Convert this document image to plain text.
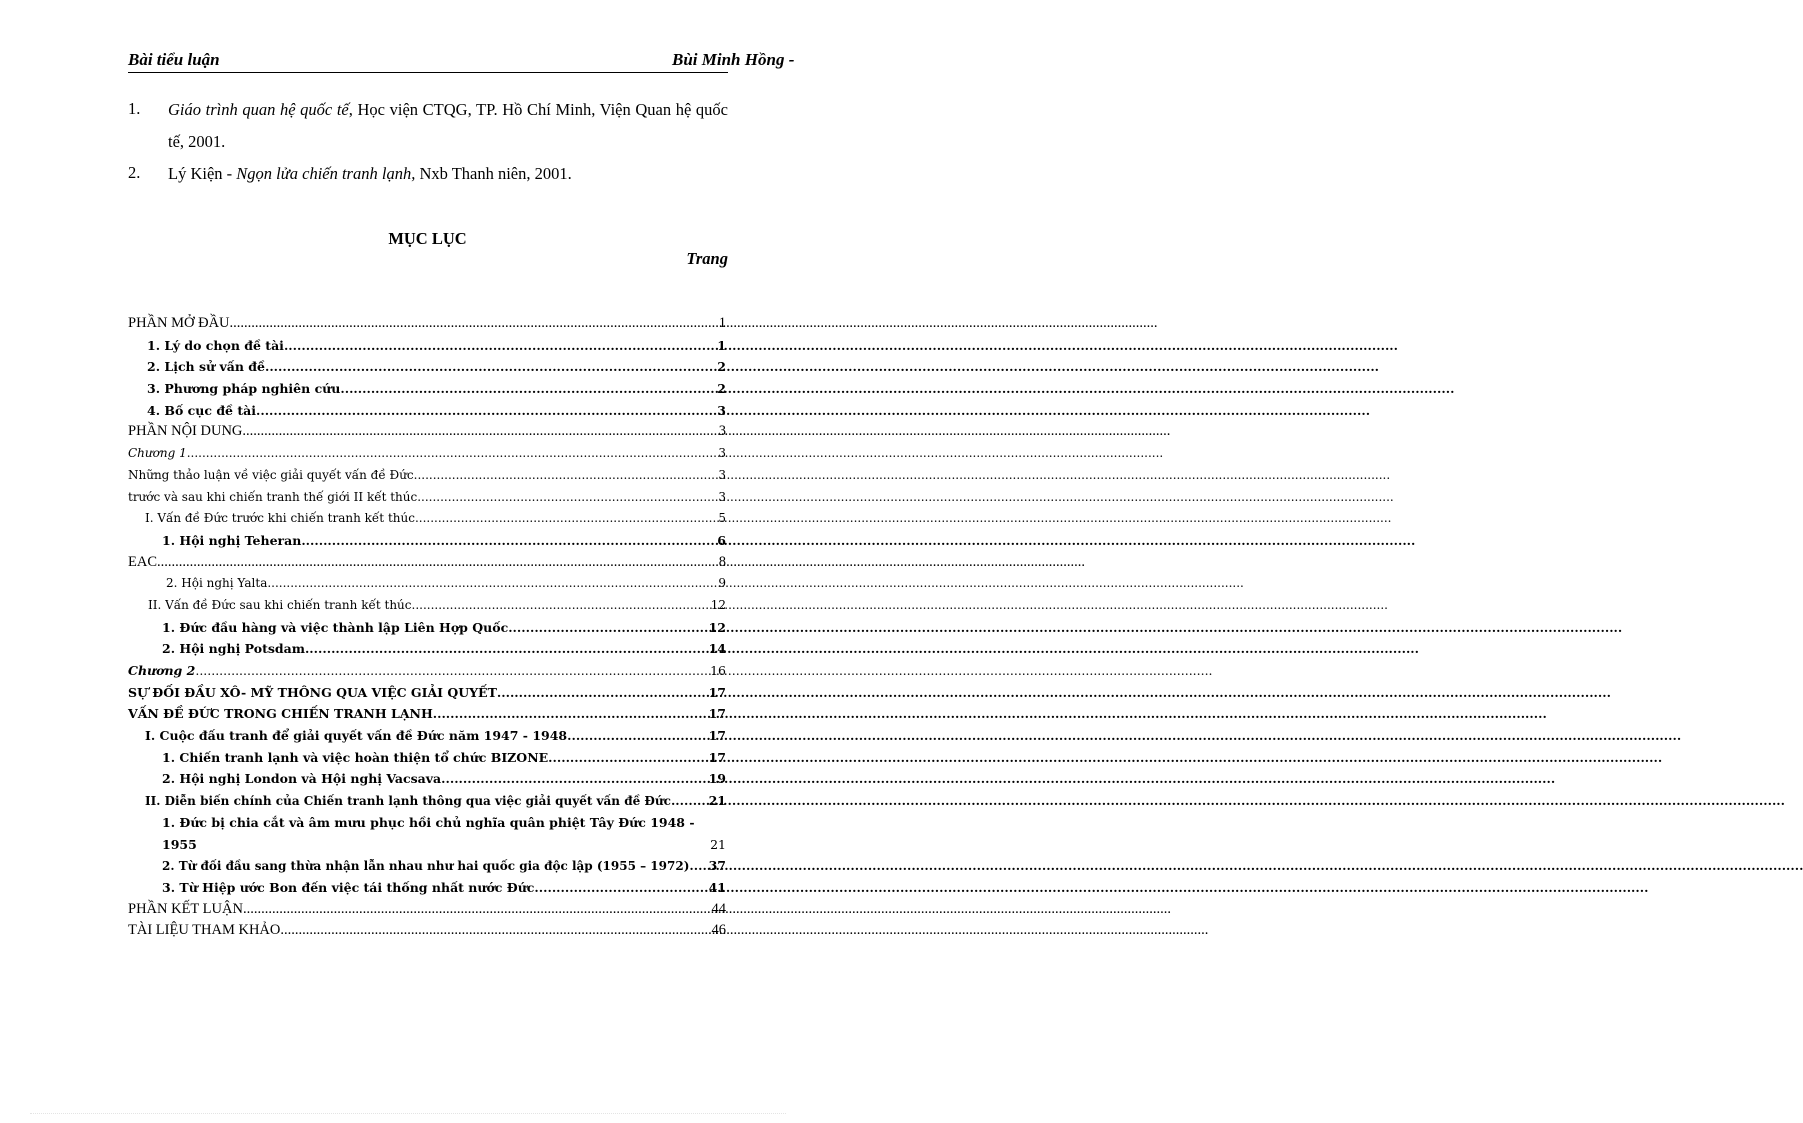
Bài tiểu luận	Bùi Minh Hồng -
1. Giáo trình quan hệ quốc tế, Học viện CTQG, TP. Hồ Chí Minh, Viện Quan hệ quốc tế, 2001.
2. Lý Kiện - Ngọn lửa chiến tranh lạnh, Nxb Thanh niên, 2001.
MỤC LỤC
Trang
PHẦN MỞ ĐẦU .....	1
1. Lý do chọn đề tài .....	1
2. Lịch sử vấn đề .....	2
3. Phương pháp nghiên cứu .....	2
4. Bố cục đề tài .....	3
PHẦN NỘI DUNG .....	3
Chương 1 .....	3
Những thảo luận về việc giải quyết vấn đề Đức .....	3
trước và sau khi chiến tranh thế giới II kết thúc .....	3
I. Vấn đề Đức trước khi chiến tranh kết thúc .....	5
1. Hội nghị Teheran .....	6
EAC .....	8
2. Hội nghị Yalta .....	9
II. Vấn đề Đức sau khi chiến tranh kết thúc .....	12
1. Đức đầu hàng và việc thành lập Liên Hợp Quốc .....	12
2. Hội nghị Potsdam .....	14
Chương 2 .....	16
SỰ ĐỐI ĐẦU XÔ- MỸ THÔNG QUA VIỆC GIẢI QUYẾT .....	17
VẤN ĐỀ ĐỨC TRONG CHIẾN TRANH LẠNH .....	17
I. Cuộc đấu tranh để giải quyết vấn đề Đức năm 1947 - 1948 .....	17
1. Chiến tranh lạnh và việc hoàn thiện tổ chức BIZONE .....	17
2. Hội nghị London và Hội nghị Vacsava .....	19
II. Diễn biến chính của Chiến tranh lạnh thông qua việc giải quyết vấn đề Đức .....	21
1. Đức bị chia cắt và âm mưu phục hồi chủ nghĩa quân phiệt Tây Đức 1948 - 1955	21
2. Từ đối đầu sang thừa nhận lẫn nhau như hai quốc gia độc lập (1955 – 1972) ..... 37
3. Từ Hiệp ước Bon đến việc tái thống nhất nước Đức .....	41
PHẦN KẾT LUẬN .....	44
TÀI LIỆU THAM KHẢO .....	46
